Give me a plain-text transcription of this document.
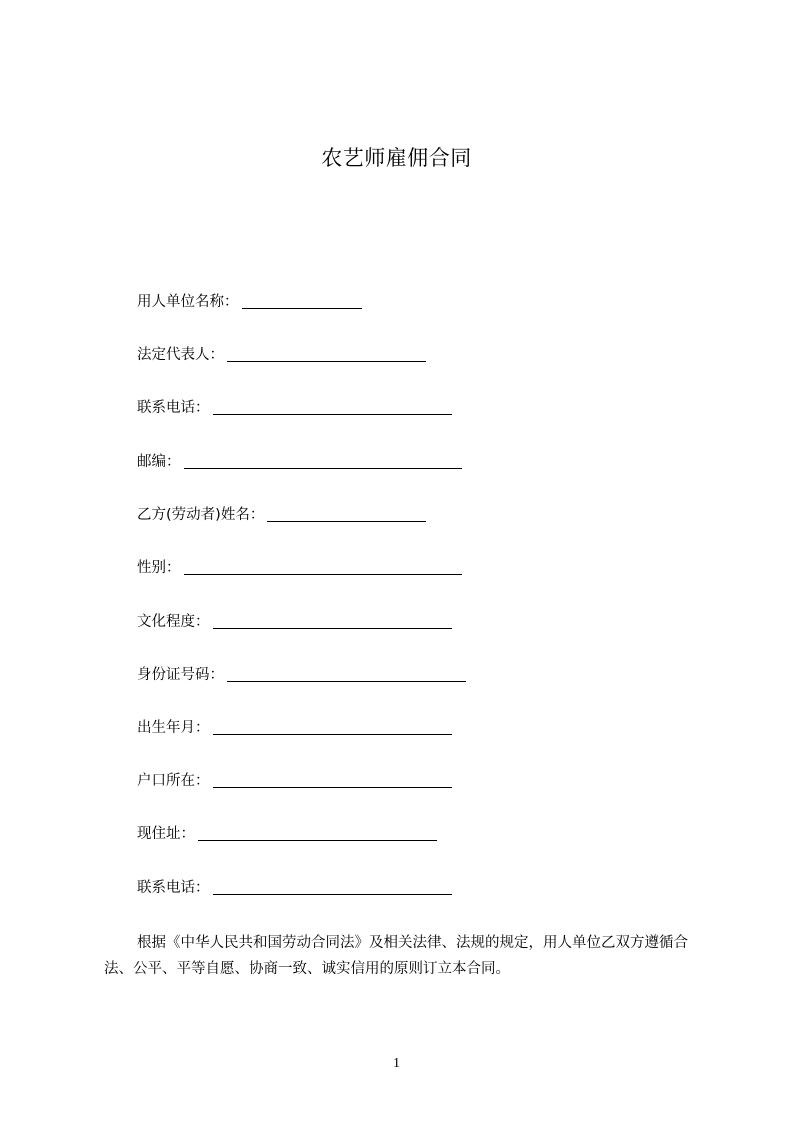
农艺师雇佣合同
用人单位名称：
法定代表人：
联系电话：
邮编：
乙方(劳动者)姓名：
性别：
文化程度：
身份证号码：
出生年月：
户口所在：
现住址：
联系电话：
根据《中华人民共和国劳动合同法》及相关法律、法规的规定，用人单位乙双方遵循合法、公平、平等自愿、协商一致、诚实信用的原则订立本合同。
1
